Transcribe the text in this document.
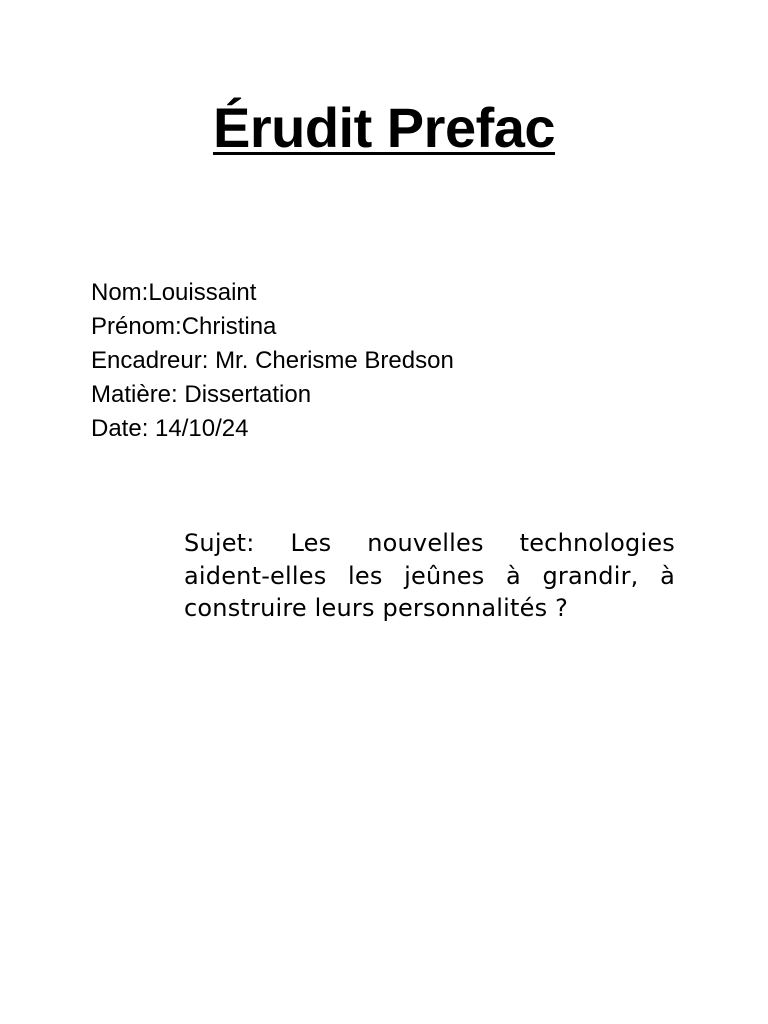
Érudit Prefac
Nom:Louissaint
Prénom:Christina
Encadreur: Mr. Cherisme Bredson
Matière: Dissertation
Date: 14/10/24

Sujet: Les nouvelles technologies aident-elles les jeûnes à grandir, à construire leurs personnalités ?
